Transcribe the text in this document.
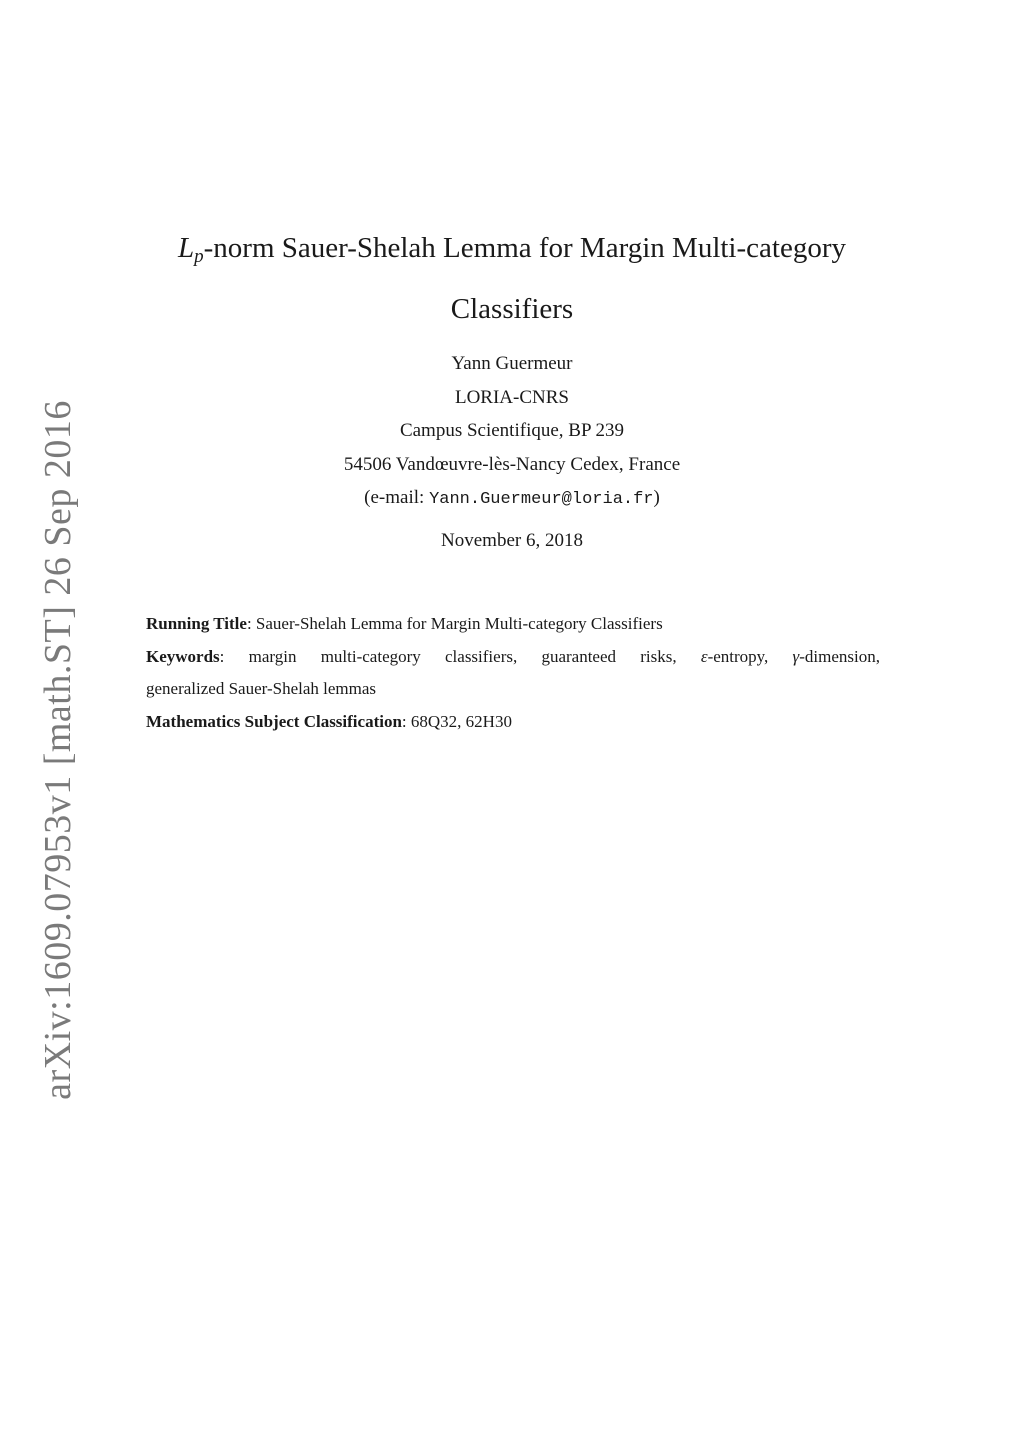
$L_p$-norm Sauer-Shelah Lemma for Margin Multi-category
Classifiers
Yann Guermeur
LORIA-CNRS
Campus Scientifique, BP 239
54506 Vandœuvre-lès-Nancy Cedex, France
(e-mail: Yann.Guermeur@loria.fr)
November 6, 2018

Running Title: Sauer-Shelah Lemma for Margin Multi-category Classifiers

Keywords: margin multi-category classifiers, guaranteed risks, ε-entropy, γ-dimension,

generalized Sauer-Shelah lemmas

Mathematics Subject Classification: 68Q32, 62H30

arXiv:1609.07953v1 [math.ST] 26 Sep 2016
